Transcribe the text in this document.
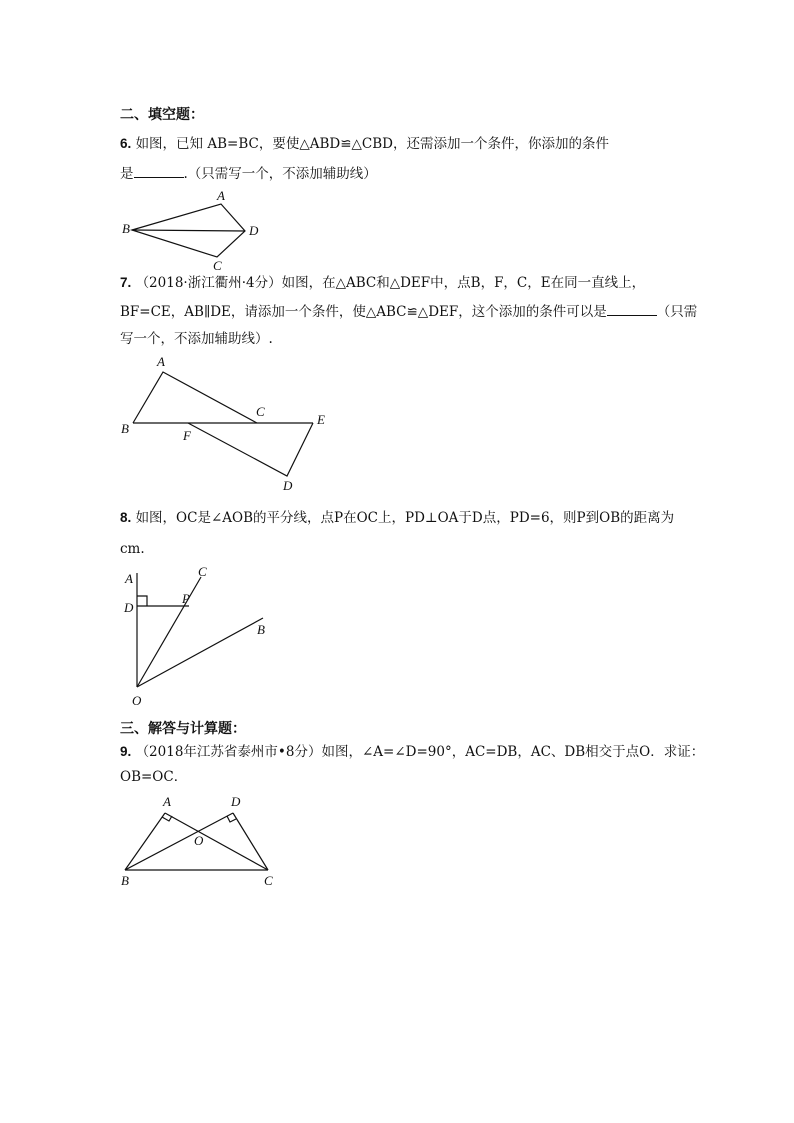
二、填空题：
6. 如图，已知 AB=BC，要使△ABD≌△CBD，还需添加一个条件，你添加的条件
是	.（只需写一个，不添加辅助线）
A
B	D
C
7. （2018·浙江衢州·4分）如图，在△ABC和△DEF中，点B，F，C，E在同一直线上，
BF=CE，AB∥DE，请添加一个条件，使△ABC≌△DEF，这个添加的条件可以是	（只需
写一个，不添加辅助线）.
A
C
E
B	F
D
8. 如图，OC是∠AOB的平分线，点P在OC上，PD⊥OA于D点，PD=6，则P到OB的距离为
cm.
A	C
D
P
B
O
三、解答与计算题：
9. （2018年江苏省泰州市•8分）如图，∠A=∠D=90°，AC=DB，AC、DB相交于点O．求证：
OB=OC．
A	D
O
B	C
